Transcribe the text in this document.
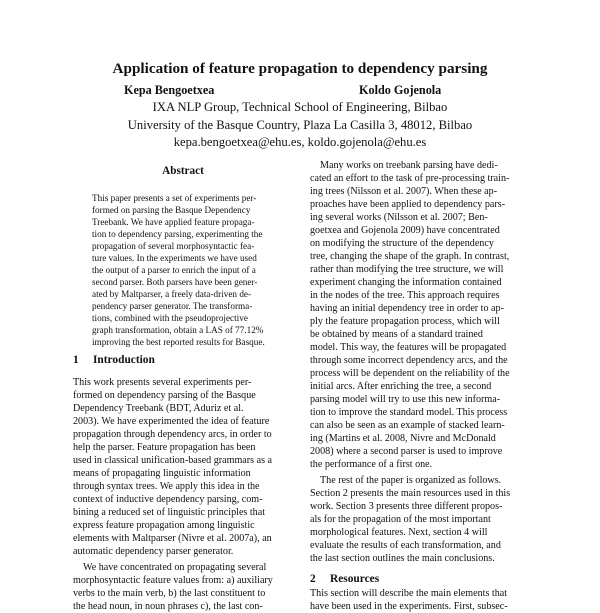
Application of feature propagation to dependency parsing
Kepa Bengoetxea	Koldo Gojenola
IXA NLP Group, Technical School of Engineering, Bilbao
University of the Basque Country, Plaza La Casilla 3, 48012, Bilbao
kepa.bengoetxea@ehu.es, koldo.gojenola@ehu.es
Abstract
This paper presents a set of experiments per-
formed on parsing the Basque Dependency
Treebank. We have applied feature propaga-
tion to dependency parsing, experimenting the
propagation of several morphosyntactic fea-
ture values. In the experiments we have used
the output of a parser to enrich the input of a
second parser. Both parsers have been gener-
ated by Maltparser, a freely data-driven de-
pendency parser generator. The transforma-
tions, combined with the pseudoprojective
graph transformation, obtain a LAS of 77.12%
improving the best reported results for Basque.
1 Introduction
This work presents several experiments per-
formed on dependency parsing of the Basque
Dependency Treebank (BDT, Aduriz et al.
2003). We have experimented the idea of feature
propagation through dependency arcs, in order to
help the parser. Feature propagation has been
used in classical unification-based grammars as a
means of propagating linguistic information
through syntax trees. We apply this idea in the
context of inductive dependency parsing, com-
bining a reduced set of linguistic principles that
express feature propagation among linguistic
elements with Maltparser (Nivre et al. 2007a), an
automatic dependency parser generator.
We have concentrated on propagating several
morphosyntactic feature values from: a) auxiliary
verbs to the main verb, b) the last constituent to
the head noun, in noun phrases c), the last con-
Many works on treebank parsing have dedi-
cated an effort to the task of pre-processing train-
ing trees (Nilsson et al. 2007). When these ap-
proaches have been applied to dependency pars-
ing several works (Nilsson et al. 2007; Ben-
goetxea and Gojenola 2009) have concentrated
on modifying the structure of the dependency
tree, changing the shape of the graph. In contrast,
rather than modifying the tree structure, we will
experiment changing the information contained
in the nodes of the tree. This approach requires
having an initial dependency tree in order to ap-
ply the feature propagation process, which will
be obtained by means of a standard trained
model. This way, the features will be propagated
through some incorrect dependency arcs, and the
process will be dependent on the reliability of the
initial arcs. After enriching the tree, a second
parsing model will try to use this new informa-
tion to improve the standard model. This process
can also be seen as an example of stacked learn-
ing (Martins et al. 2008, Nivre and McDonald
2008) where a second parser is used to improve
the performance of a first one.
The rest of the paper is organized as follows.
Section 2 presents the main resources used in this
work. Section 3 presents three different propos-
als for the propagation of the most important
morphological features. Next, section 4 will
evaluate the results of each transformation, and
the last section outlines the main conclusions.
2 Resources
This section will describe the main elements that
have been used in the experiments. First, subsec-
